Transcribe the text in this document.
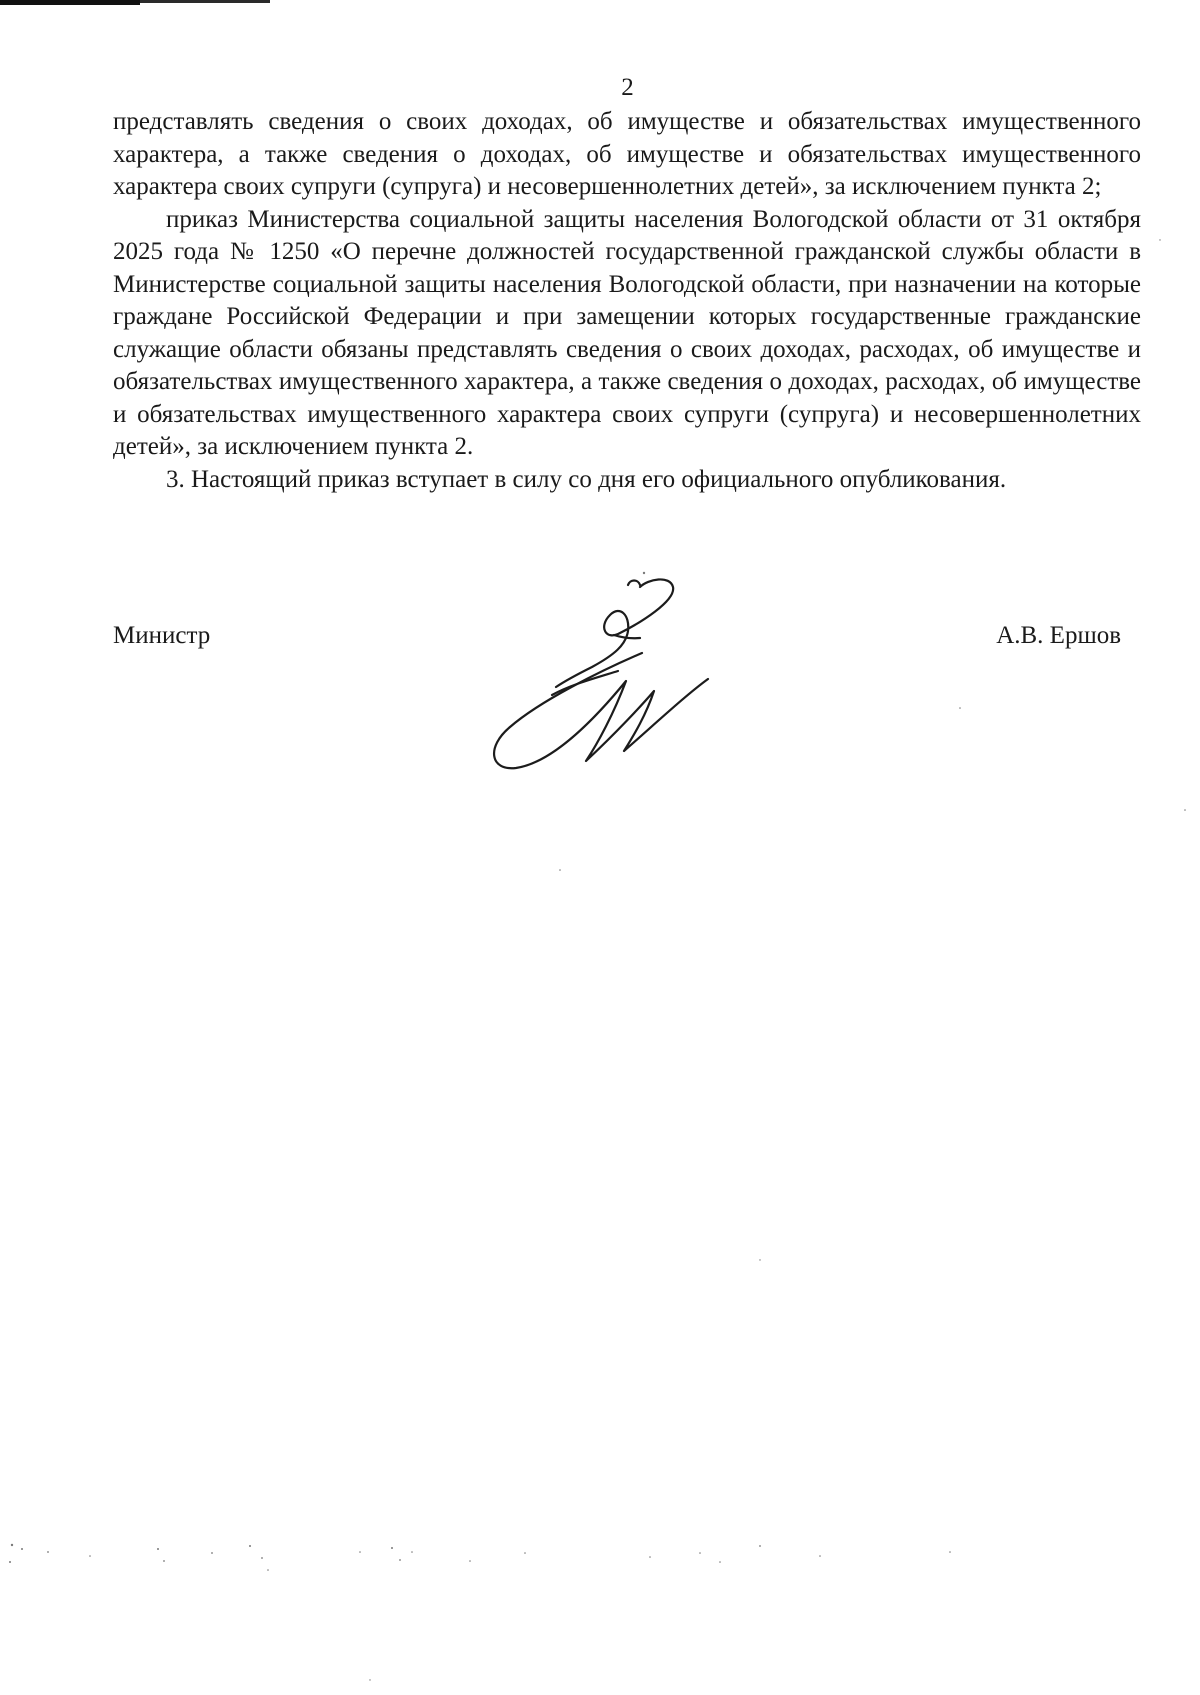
2

представлять сведения о своих доходах, об имуществе и обязательствах имущественного характера, а также сведения о доходах, об имуществе и обязательствах имущественного характера своих супруги (супруга) и несовершеннолетних детей», за исключением пункта 2;

приказ Министерства социальной защиты населения Вологодской области от 31 октября 2025 года № 1250 «О перечне должностей государственной гражданской службы области в Министерстве социальной защиты населения Вологодской области, при назначении на которые граждане Российской Федерации и при замещении которых государственные гражданские служащие области обязаны представлять сведения о своих доходах, расходах, об имуществе и обязательствах имущественного характера, а также сведения о доходах, расходах, об имуществе и обязательствах имущественного характера своих супруги (супруга) и несовершеннолетних детей», за исключением пункта 2.

3. Настоящий приказ вступает в силу со дня его официального опубликования.

Министр	А.В. Ершов
